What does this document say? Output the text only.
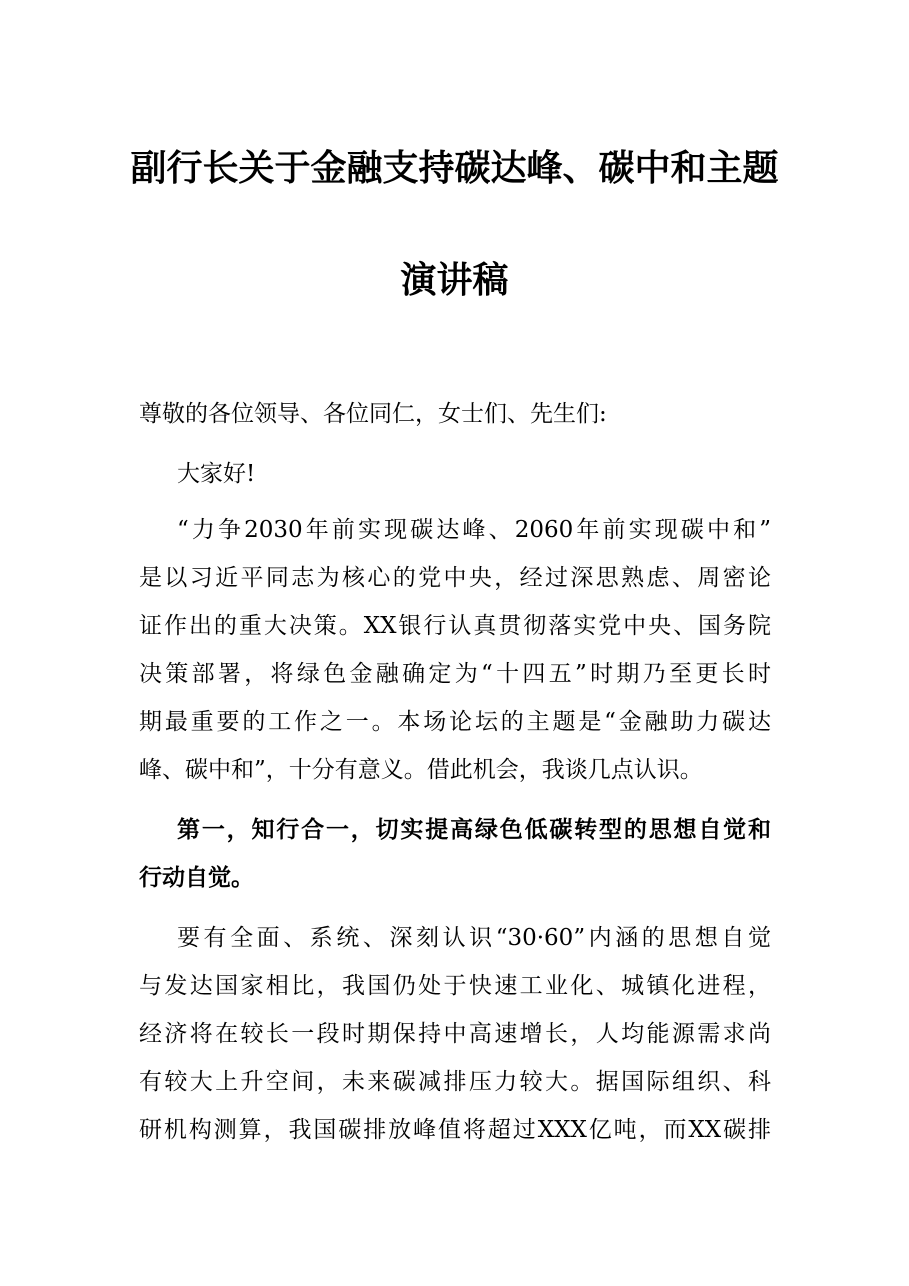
副行长关于金融支持碳达峰、碳中和主题
演讲稿
尊敬的各位领导、各位同仁，女士们、先生们:
大家好!
“力争2030年前实现碳达峰、2060年前实现碳中和”
是以习近平同志为核心的党中央，经过深思熟虑、周密论
证作出的重大决策。XX银行认真贯彻落实党中央、国务院
决策部署，将绿色金融确定为“十四五”时期乃至更长时
期最重要的工作之一。本场论坛的主题是“金融助力碳达
峰、碳中和”，十分有意义。借此机会，我谈几点认识。
第一，知行合一，切实提高绿色低碳转型的思想自觉和
行动自觉。
要有全面、系统、深刻认识“30·60”内涵的思想自觉
与发达国家相比，我国仍处于快速工业化、城镇化进程，
经济将在较长一段时期保持中高速增长，人均能源需求尚
有较大上升空间，未来碳减排压力较大。据国际组织、科
研机构测算，我国碳排放峰值将超过XXX亿吨，而XX碳排
